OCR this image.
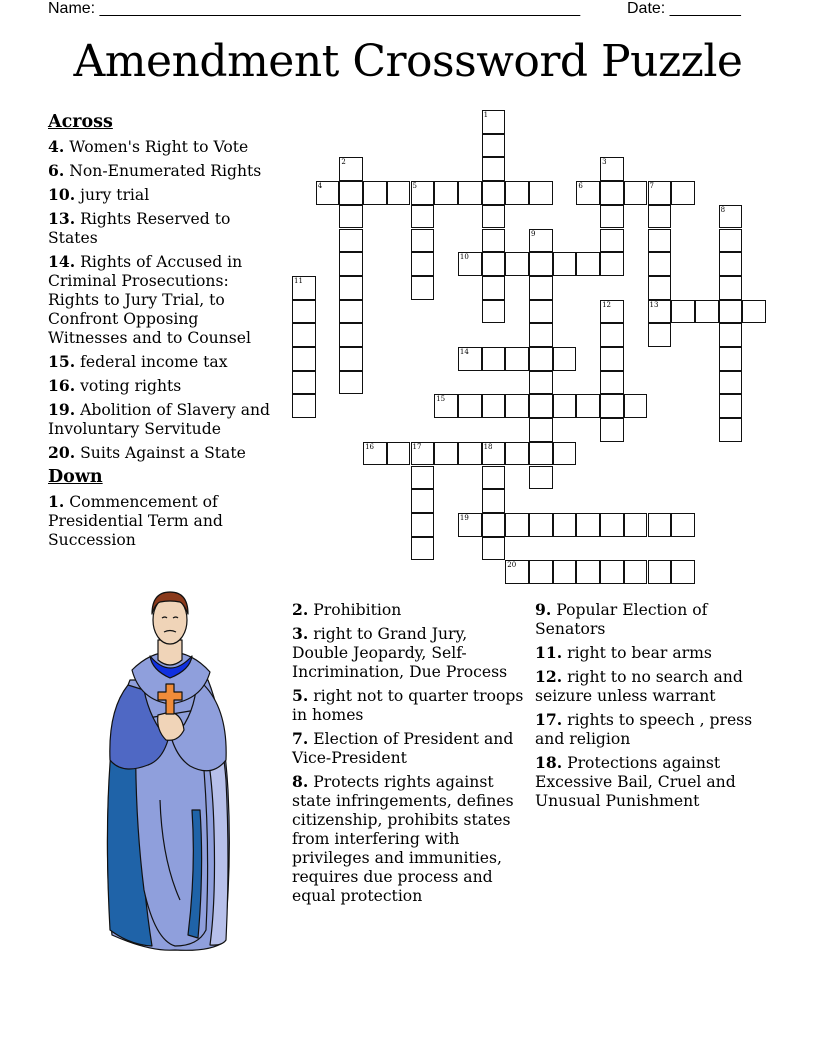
Name: ______________________________________________________	Date: ________
Amendment Crossword Puzzle
1
2	3
4	5	6	7
13
8
9
10
11
12
14
15
16	17	18
19
20
Across
4. Women's Right to Vote
6. Non-Enumerated Rights
10. jury trial
13. Rights Reserved to States
14. Rights of Accused in Criminal Prosecutions: Rights to Jury Trial, to Confront Opposing Witnesses and to Counsel
15. federal income tax
16. voting rights
19. Abolition of Slavery and Involuntary Servitude
20. Suits Against a State
Down
1. Commencement of Presidential Term and Succession
2. Prohibition
3. right to Grand Jury, Double Jeopardy, Self-Incrimination, Due Process
5. right not to quarter troops in homes
7. Election of President and Vice-President
8. Protects rights against state infringements, defines citizenship, prohibits states from interfering with privileges and immunities, requires due process and equal protection
9. Popular Election of Senators
11. right to bear arms
12. right to no search and seizure unless warrant
17. rights to speech , press and religion
18. Protections against Excessive Bail, Cruel and Unusual Punishment
